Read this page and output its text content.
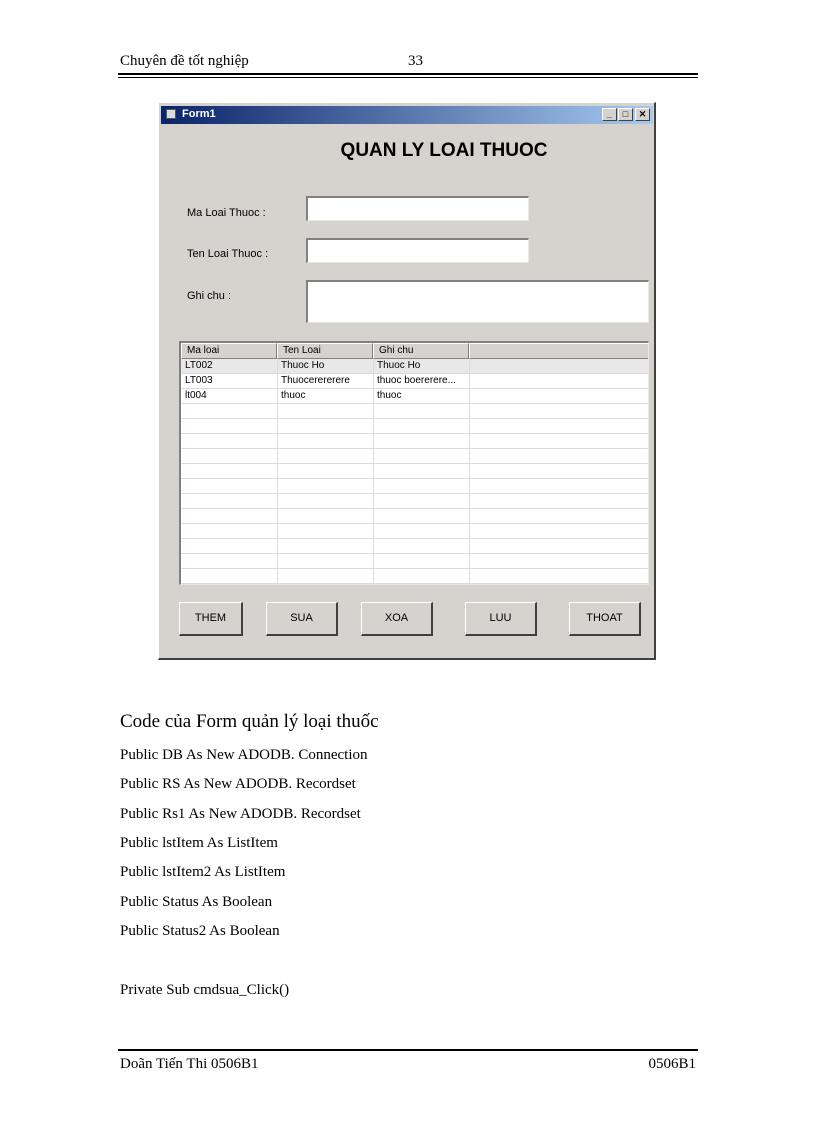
Chuyên đề tốt nghiệp	33
Form1	_	□	✕
QUAN LY LOAI THUOC
Ma Loai Thuoc :
Ten Loai Thuoc :
Ghi chu :
Ma loai	Ten Loai	Ghi chu
LT002	Thuoc Ho	Thuoc Ho
LT003	Thuocerererere	thuoc boererere...
lt004	thuoc	thuoc
THEM	SUA	XOA	LUU	THOAT
Code của Form quản lý loại thuốc
Public DB As New ADODB. Connection
Public RS As New ADODB. Recordset
Public Rs1 As New ADODB. Recordset
Public lstItem As ListItem
Public lstItem2 As ListItem
Public Status As Boolean
Public Status2 As Boolean
Private Sub cmdsua_Click()
Doãn Tiến Thi 0506B1	0506B1
